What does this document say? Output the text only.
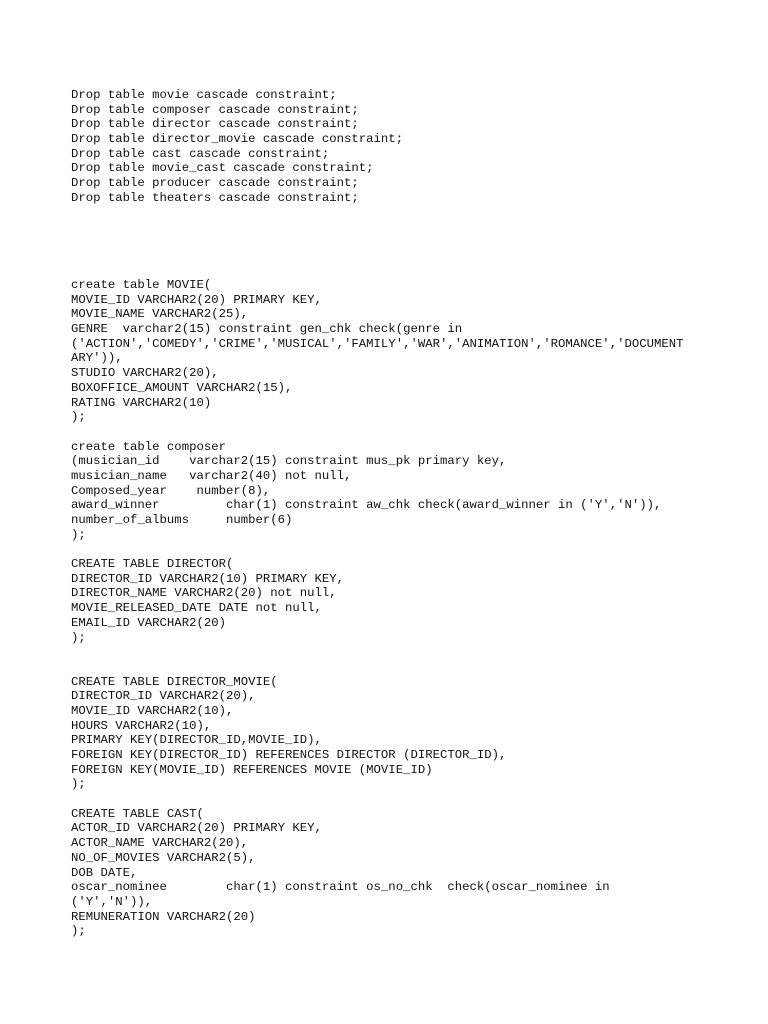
Drop table movie cascade constraint;
Drop table composer cascade constraint;
Drop table director cascade constraint;
Drop table director_movie cascade constraint;
Drop table cast cascade constraint;
Drop table movie_cast cascade constraint;
Drop table producer cascade constraint;
Drop table theaters cascade constraint;
create table MOVIE(
MOVIE_ID VARCHAR2(20) PRIMARY KEY,
MOVIE_NAME VARCHAR2(25),
GENRE  varchar2(15) constraint gen_chk check(genre in
('ACTION','COMEDY','CRIME','MUSICAL','FAMILY','WAR','ANIMATION','ROMANCE','DOCUMENT
ARY')),
STUDIO VARCHAR2(20),
BOXOFFICE_AMOUNT VARCHAR2(15),
RATING VARCHAR2(10)
);
create table composer
(musician_id    varchar2(15) constraint mus_pk primary key,
musician_name   varchar2(40) not null,
Composed_year    number(8),
award_winner         char(1) constraint aw_chk check(award_winner in ('Y','N')),
number_of_albums     number(6)
);
CREATE TABLE DIRECTOR(
DIRECTOR_ID VARCHAR2(10) PRIMARY KEY,
DIRECTOR_NAME VARCHAR2(20) not null,
MOVIE_RELEASED_DATE DATE not null,
EMAIL_ID VARCHAR2(20)
);
CREATE TABLE DIRECTOR_MOVIE(
DIRECTOR_ID VARCHAR2(20),
MOVIE_ID VARCHAR2(10),
HOURS VARCHAR2(10),
PRIMARY KEY(DIRECTOR_ID,MOVIE_ID),
FOREIGN KEY(DIRECTOR_ID) REFERENCES DIRECTOR (DIRECTOR_ID),
FOREIGN KEY(MOVIE_ID) REFERENCES MOVIE (MOVIE_ID)
);
CREATE TABLE CAST(
ACTOR_ID VARCHAR2(20) PRIMARY KEY,
ACTOR_NAME VARCHAR2(20),
NO_OF_MOVIES VARCHAR2(5),
DOB DATE,
oscar_nominee        char(1) constraint os_no_chk  check(oscar_nominee in
('Y','N')),
REMUNERATION VARCHAR2(20)
);
